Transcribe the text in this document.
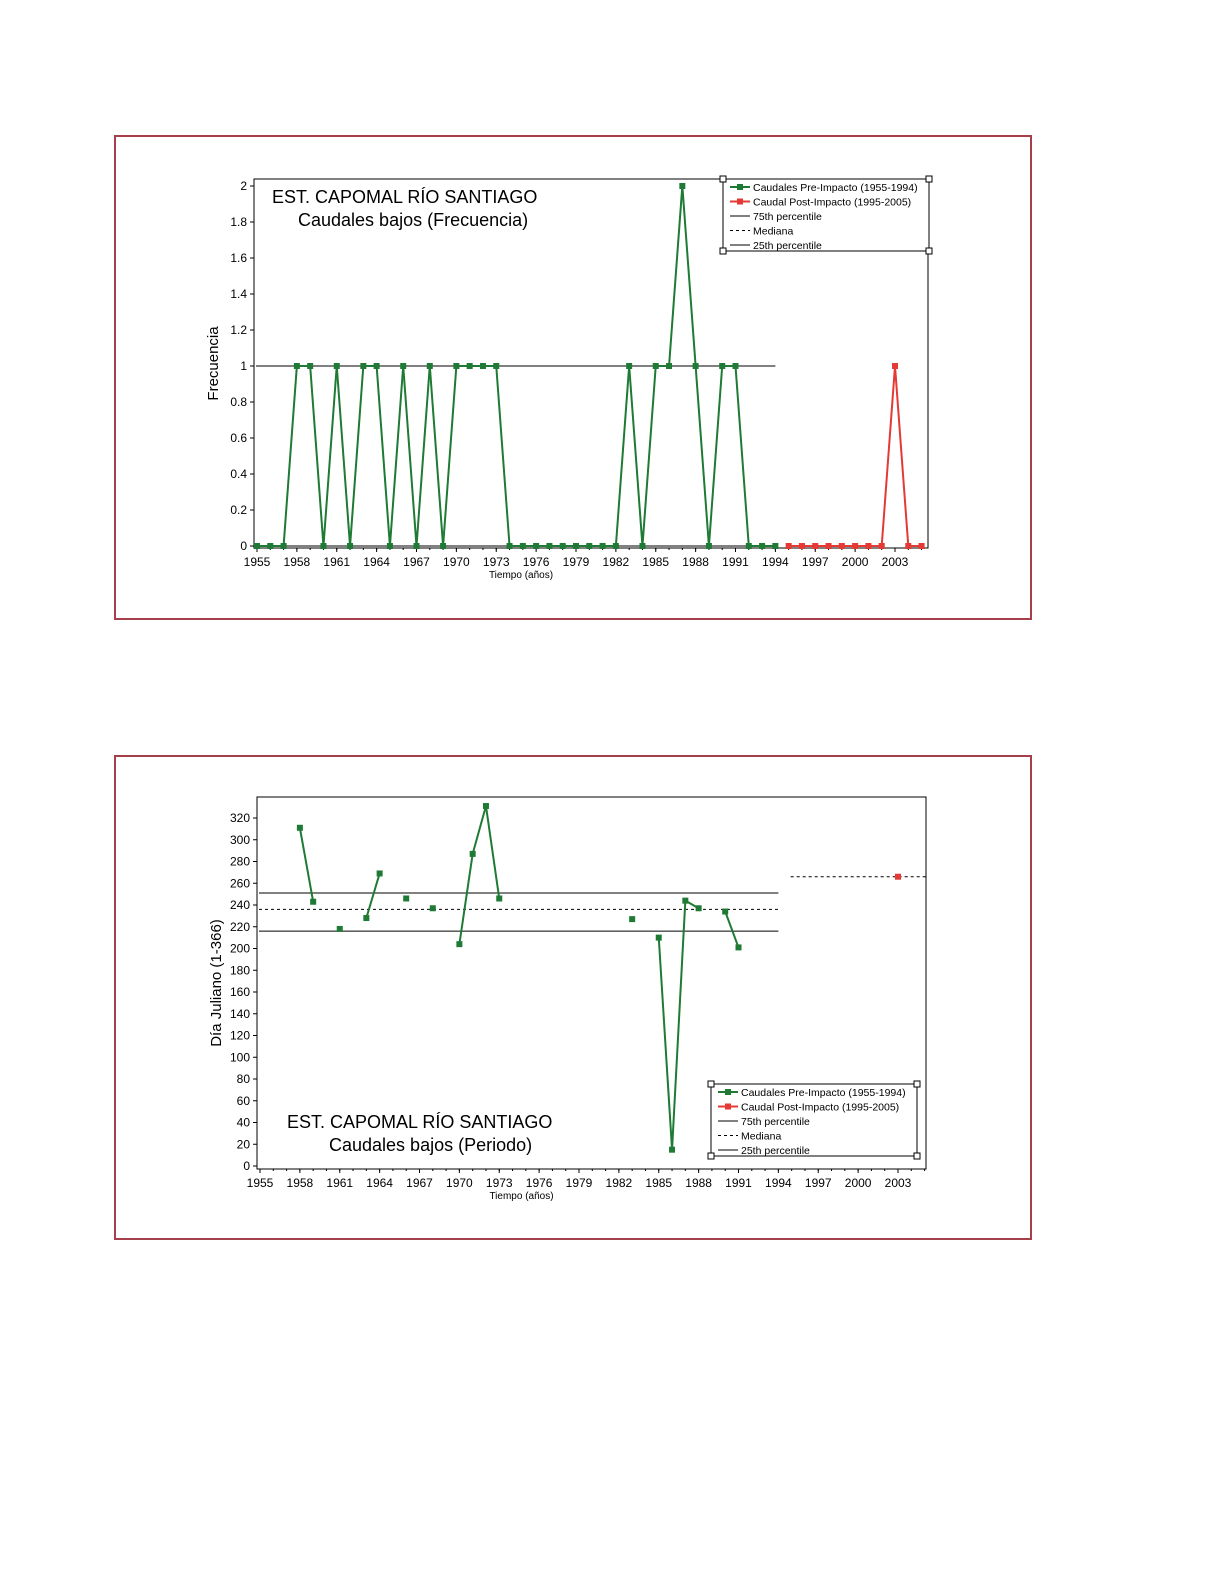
0
0.2
0.4
0.6
0.8
1
1.2
1.4
1.6
1.8
2
1955 1958 1961 1964 1967 1970 1973 1976 1979 1982 1985 1988 1991 1994 1997 2000 2003
Tiempo (años)
Frecuencia
EST. CAPOMAL RÍO SANTIAGO
Caudales bajos (Frecuencia)
Caudales Pre-Impacto (1955-1994)
Caudal Post-Impacto (1995-2005)
75th percentile
Mediana
25th percentile
0
20
40
60
80
100
120
140
160
180
200
220
240
260
280
300
320
1955 1958 1961 1964 1967 1970 1973 1976 1979 1982 1985 1988 1991 1994 1997 2000 2003
Tiempo (años)
Día Juliano (1-366)
EST. CAPOMAL RÍO SANTIAGO
Caudales bajos (Periodo)
Caudales Pre-Impacto (1955-1994)
Caudal Post-Impacto (1995-2005)
75th percentile
Mediana
25th percentile
